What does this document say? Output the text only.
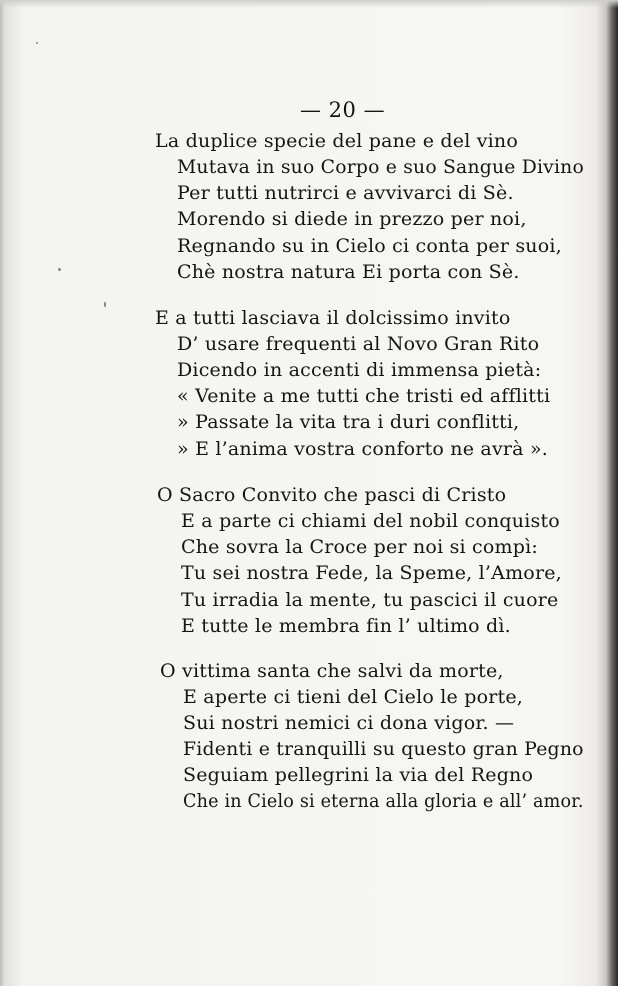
— 20 —
La duplice specie del pane e del vino
Mutava in suo Corpo e suo Sangue Divino
Per tutti nutrirci e avvivarci di Sè.
Morendo si diede in prezzo per noi,
Regnando su in Cielo ci conta per suoi,
Chè nostra natura Ei porta con Sè.
E a tutti lasciava il dolcissimo invito
D’ usare frequenti al Novo Gran Rito
Dicendo in accenti di immensa pietà:
« Venite a me tutti che tristi ed afflitti
» Passate la vita tra i duri conflitti,
» E l’anima vostra conforto ne avrà ».
O Sacro Convito che pasci di Cristo
E a parte ci chiami del nobil conquisto
Che sovra la Croce per noi si compì:
Tu sei nostra Fede, la Speme, l’Amore,
Tu irradia la mente, tu pascici il cuore
E tutte le membra fin l’ ultimo dì.
O vittima santa che salvi da morte,
E aperte ci tieni del Cielo le porte,
Sui nostri nemici ci dona vigor. —
Fidenti e tranquilli su questo gran Pegno
Seguiam pellegrini la via del Regno
Che in Cielo si eterna alla gloria e all’ amor.
